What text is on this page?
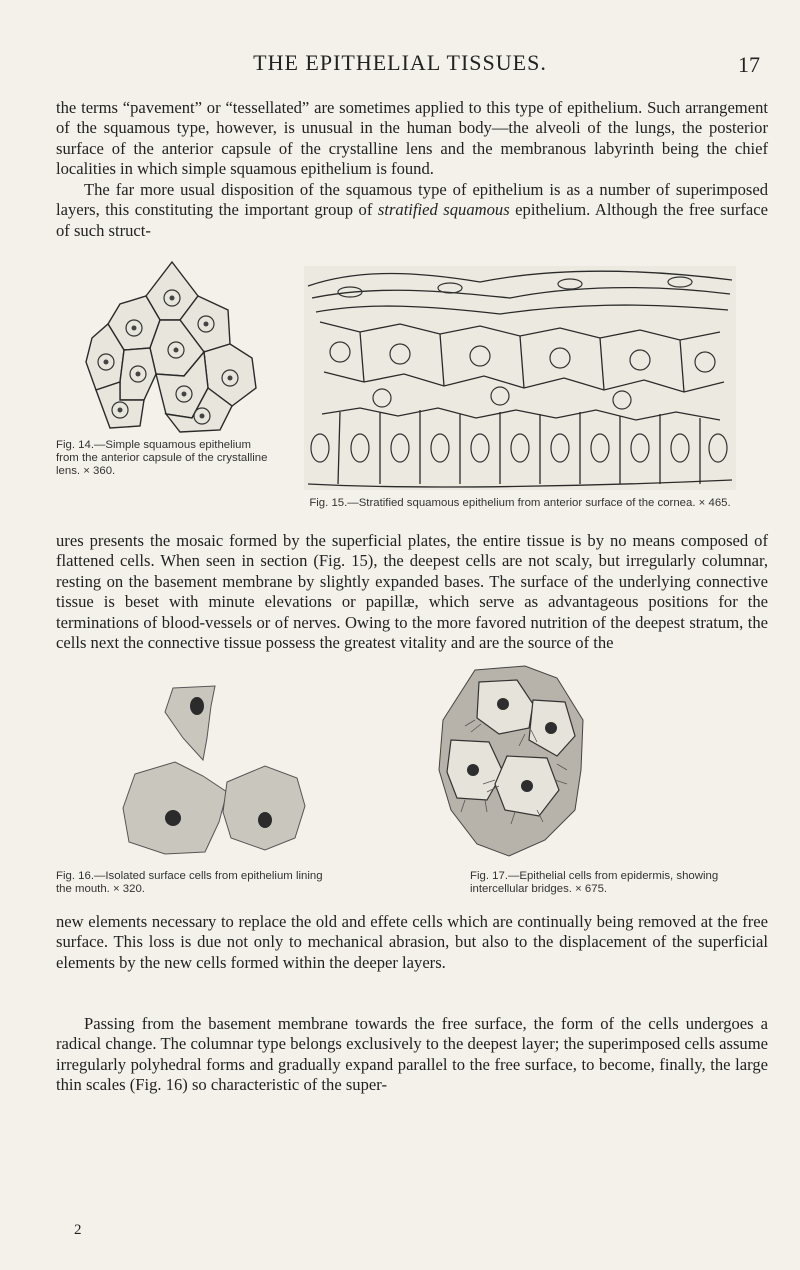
THE EPITHELIAL TISSUES.	17

the terms “pavement” or “tessellated” are sometimes applied to this type of epithelium. Such arrangement of the squamous type, however, is unusual in the human body—the alveoli of the lungs, the posterior surface of the anterior capsule of the crystalline lens and the membranous labyrinth being the chief localities in which simple squamous epithelium is found.

The far more usual disposition of the squamous type of epithelium is as a number of superimposed layers, this constituting the important group of stratified squamous epithelium. Although the free surface of such struct-

Fig. 14.—Simple squamous epithelium from the anterior capsule of the crystalline lens. × 360.

Fig. 15.—Stratified squamous epithelium from anterior surface of the cornea. × 465.

ures presents the mosaic formed by the superficial plates, the entire tissue is by no means composed of flattened cells. When seen in section (Fig. 15), the deepest cells are not scaly, but irregularly columnar, resting on the basement membrane by slightly expanded bases. The surface of the underlying connective tissue is beset with minute elevations or papillæ, which serve as advantageous positions for the terminations of blood-vessels or of nerves. Owing to the more favored nutrition of the deepest stratum, the cells next the connective tissue possess the greatest vitality and are the source of the

Fig. 16.—Isolated surface cells from epithelium lining the mouth. × 320.

Fig. 17.—Epithelial cells from epidermis, showing intercellular bridges. × 675.

new elements necessary to replace the old and effete cells which are continually being removed at the free surface. This loss is due not only to mechanical abrasion, but also to the displacement of the superficial elements by the new cells formed within the deeper layers.

Passing from the basement membrane towards the free surface, the form of the cells undergoes a radical change. The columnar type belongs exclusively to the deepest layer; the superimposed cells assume irregularly polyhedral forms and gradually expand parallel to the free surface, to become, finally, the large thin scales (Fig. 16) so characteristic of the super-

2
